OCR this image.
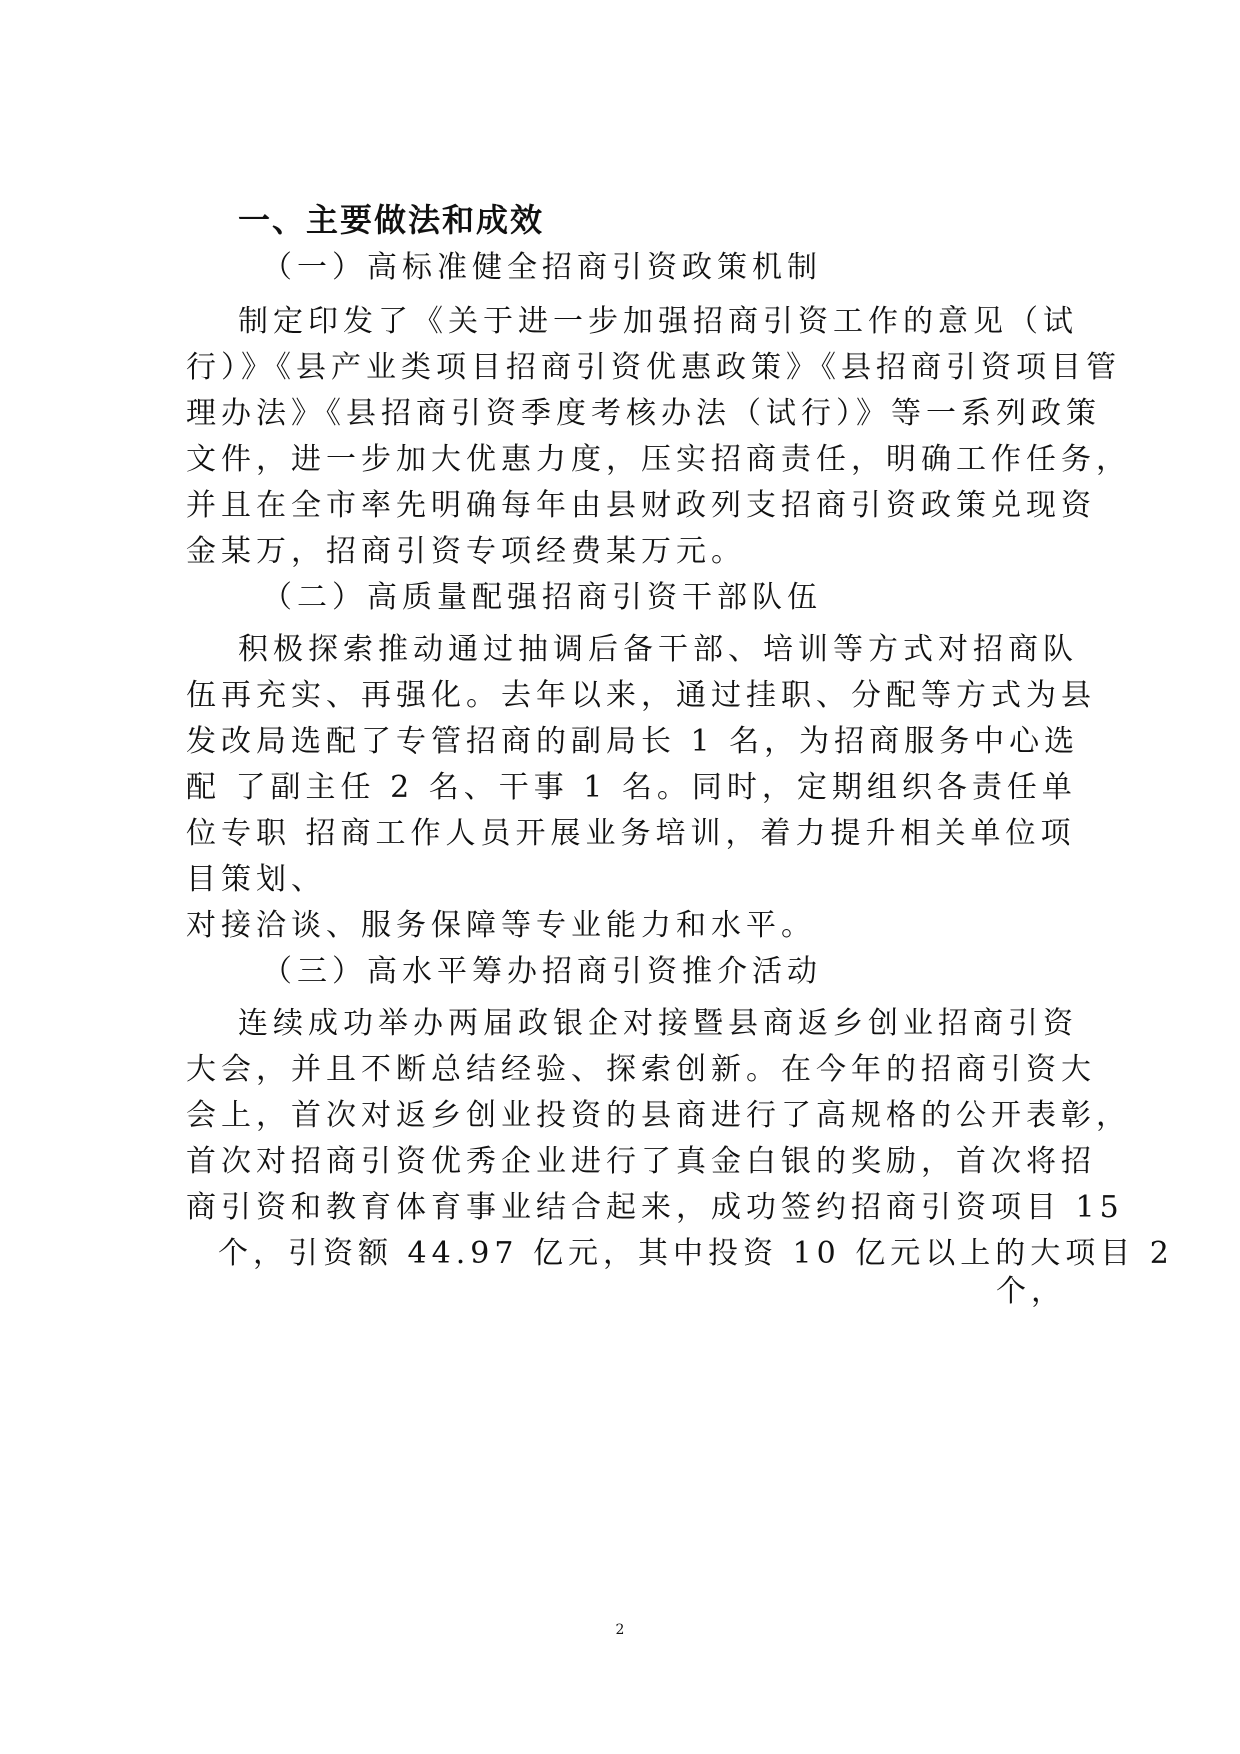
一、主要做法和成效
（一）高标准健全招商引资政策机制
制定印发了《关于进一步加强招商引资工作的意见（试
行）》《县产业类项目招商引资优惠政策》《县招商引资项目管
理办法》《县招商引资季度考核办法（试行）》等一系列政策
文件，进一步加大优惠力度，压实招商责任，明确工作任务，
并且在全市率先明确每年由县财政列支招商引资政策兑现资
金某万，招商引资专项经费某万元。
（二）高质量配强招商引资干部队伍
积极探索推动通过抽调后备干部、培训等方式对招商队
伍再充实、再强化。去年以来，通过挂职、分配等方式为县
发改局选配了专管招商的副局长 1 名，为招商服务中心选
配 了副主任 2 名、干事 1 名。同时，定期组织各责任单
位专职 招商工作人员开展业务培训，着力提升相关单位项
目策划、
对接洽谈、服务保障等专业能力和水平。
（三）高水平筹办招商引资推介活动
连续成功举办两届政银企对接暨县商返乡创业招商引资
大会，并且不断总结经验、探索创新。在今年的招商引资大
会上，首次对返乡创业投资的县商进行了高规格的公开表彰，
首次对招商引资优秀企业进行了真金白银的奖励，首次将招
商引资和教育体育事业结合起来，成功签约招商引资项目 15
个，引资额 44.97 亿元，其中投资 10 亿元以上的大项目 2
个，
2
